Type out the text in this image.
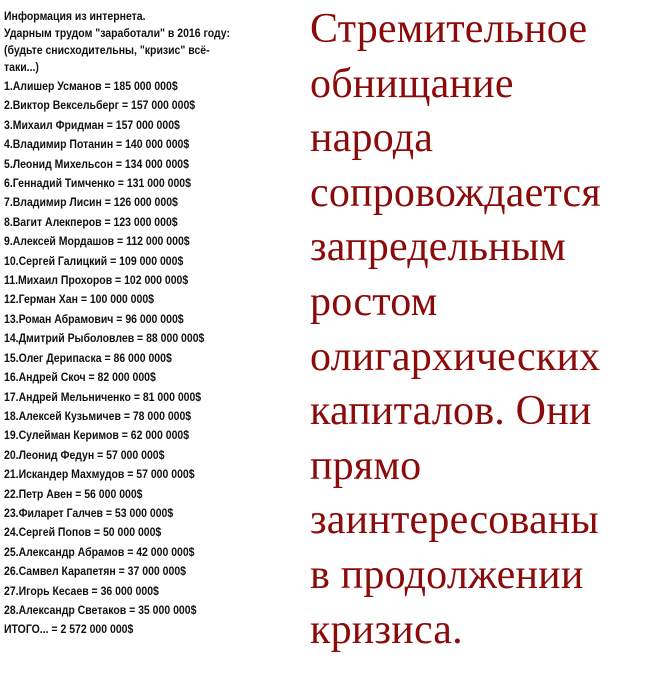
Информация из интернета.
Ударным трудом "заработали" в 2016 году:
(будьте снисходительны, "кризис" всё-
таки...)
1.Алишер Усманов = 185 000 000$
2.Виктор Вексельберг = 157 000 000$
3.Михаил Фридман = 157 000 000$
4.Владимир Потанин = 140 000 000$
5.Леонид Михельсон = 134 000 000$
6.Геннадий Тимченко = 131 000 000$
7.Владимир Лисин = 126 000 000$
8.Вагит Алекперов = 123 000 000$
9.Алексей Мордашов = 112 000 000$
10.Сергей Галицкий = 109 000 000$
11.Михаил Прохоров = 102 000 000$
12.Герман Хан = 100 000 000$
13.Роман Абрамович = 96 000 000$
14.Дмитрий Рыболовлев = 88 000 000$
15.Олег Дерипаска = 86 000 000$
16.Андрей Скоч = 82 000 000$
17.Андрей Мельниченко = 81 000 000$
18.Алексей Кузьмичев = 78 000 000$
19.Сулейман Керимов = 62 000 000$
20.Леонид Федун = 57 000 000$
21.Искандер Махмудов = 57 000 000$
22.Петр Авен = 56 000 000$
23.Филарет Галчев = 53 000 000$
24.Сергей Попов = 50 000 000$
25.Александр Абрамов = 42 000 000$
26.Самвел Карапетян = 37 000 000$
27.Игорь Кесаев = 36 000 000$
28.Александр Светаков = 35 000 000$
ИТОГО... = 2 572 000 000$
Стремительное
обнищание
народа
сопровождается
запредельным
ростом
олигархических
капиталов. Они
прямо
заинтересованы
в продолжении
кризиса.
